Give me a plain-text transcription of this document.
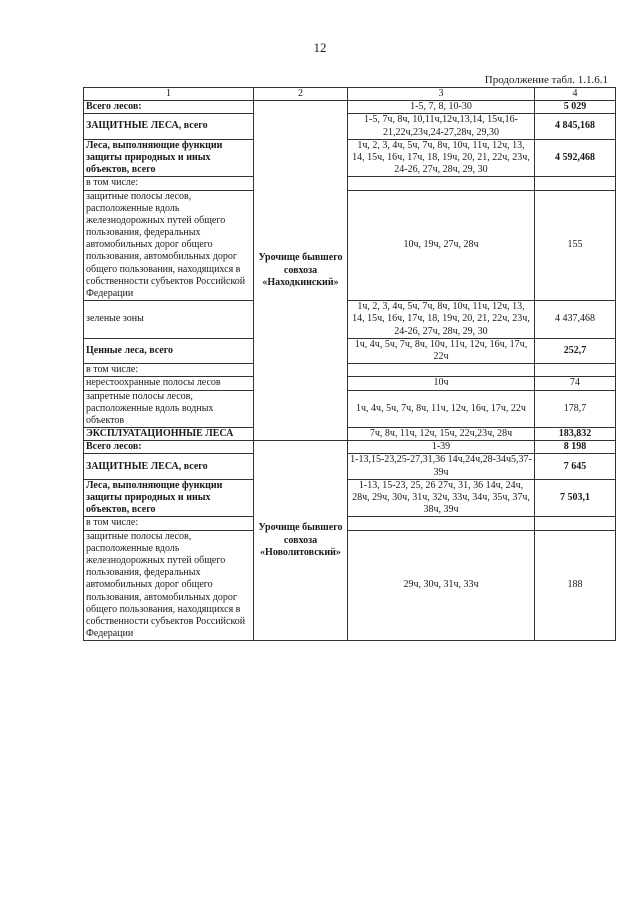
12
Продолжение табл. 1.1.6.1
1	2	3	4
Всего лесов:	Урочище бывшего совхоза «Находкинский»	1-5, 7, 8, 10-30	5 029
ЗАЩИТНЫЕ ЛЕСА, всего		1-5, 7ч, 8ч, 10,11ч,12ч,13,14, 15ч,16-21,22ч,23ч,24-27,28ч, 29,30	4 845,168
Леса, выполняющие функции защиты природных и иных объектов, всего		1ч, 2, 3, 4ч, 5ч, 7ч, 8ч, 10ч, 11ч, 12ч, 13, 14, 15ч, 16ч, 17ч, 18, 19ч, 20, 21, 22ч, 23ч, 24-26, 27ч, 28ч, 29, 30	4 592,468
в том числе:			
защитные полосы лесов, расположенные вдоль железнодорожных путей общего пользования, федеральных автомобильных дорог общего пользования, автомобильных дорог общего пользования, находящихся в собственности субъектов Российской Федерации		10ч, 19ч, 27ч, 28ч	155
зеленые зоны		1ч, 2, 3, 4ч, 5ч, 7ч, 8ч, 10ч, 11ч, 12ч, 13, 14, 15ч, 16ч, 17ч, 18, 19ч, 20, 21, 22ч, 23ч, 24-26, 27ч, 28ч, 29, 30	4 437,468
Ценные леса, всего		1ч, 4ч, 5ч, 7ч, 8ч, 10ч, 11ч, 12ч, 16ч, 17ч, 22ч	252,7
в том числе:			
нерестоохранные полосы лесов		10ч	74
запретные полосы лесов, расположенные вдоль водных объектов		1ч, 4ч, 5ч, 7ч, 8ч, 11ч, 12ч, 16ч, 17ч, 22ч	178,7
ЭКСПЛУАТАЦИОННЫЕ ЛЕСА		7ч, 8ч, 11ч, 12ч, 15ч, 22ч,23ч, 28ч	183,832
Всего лесов:	Урочище бывшего совхоза «Новолитовский»	1-39	8 198
ЗАЩИТНЫЕ ЛЕСА, всего		1-13,15-23,25-27,31,36 14ч,24ч,28-34ч5,37-39ч	7 645
Леса, выполняющие функции защиты природных и иных объектов, всего		1-13, 15-23, 25, 26 27ч, 31, 36 14ч, 24ч, 28ч, 29ч, 30ч, 31ч, 32ч, 33ч, 34ч, 35ч, 37ч, 38ч, 39ч	7 503,1
в том числе:			
защитные полосы лесов, расположенные вдоль железнодорожных путей общего пользования, федеральных автомобильных дорог общего пользования, автомобильных дорог общего пользования, находящихся в собственности субъектов Российской Федерации		29ч, 30ч, 31ч, 33ч	188
